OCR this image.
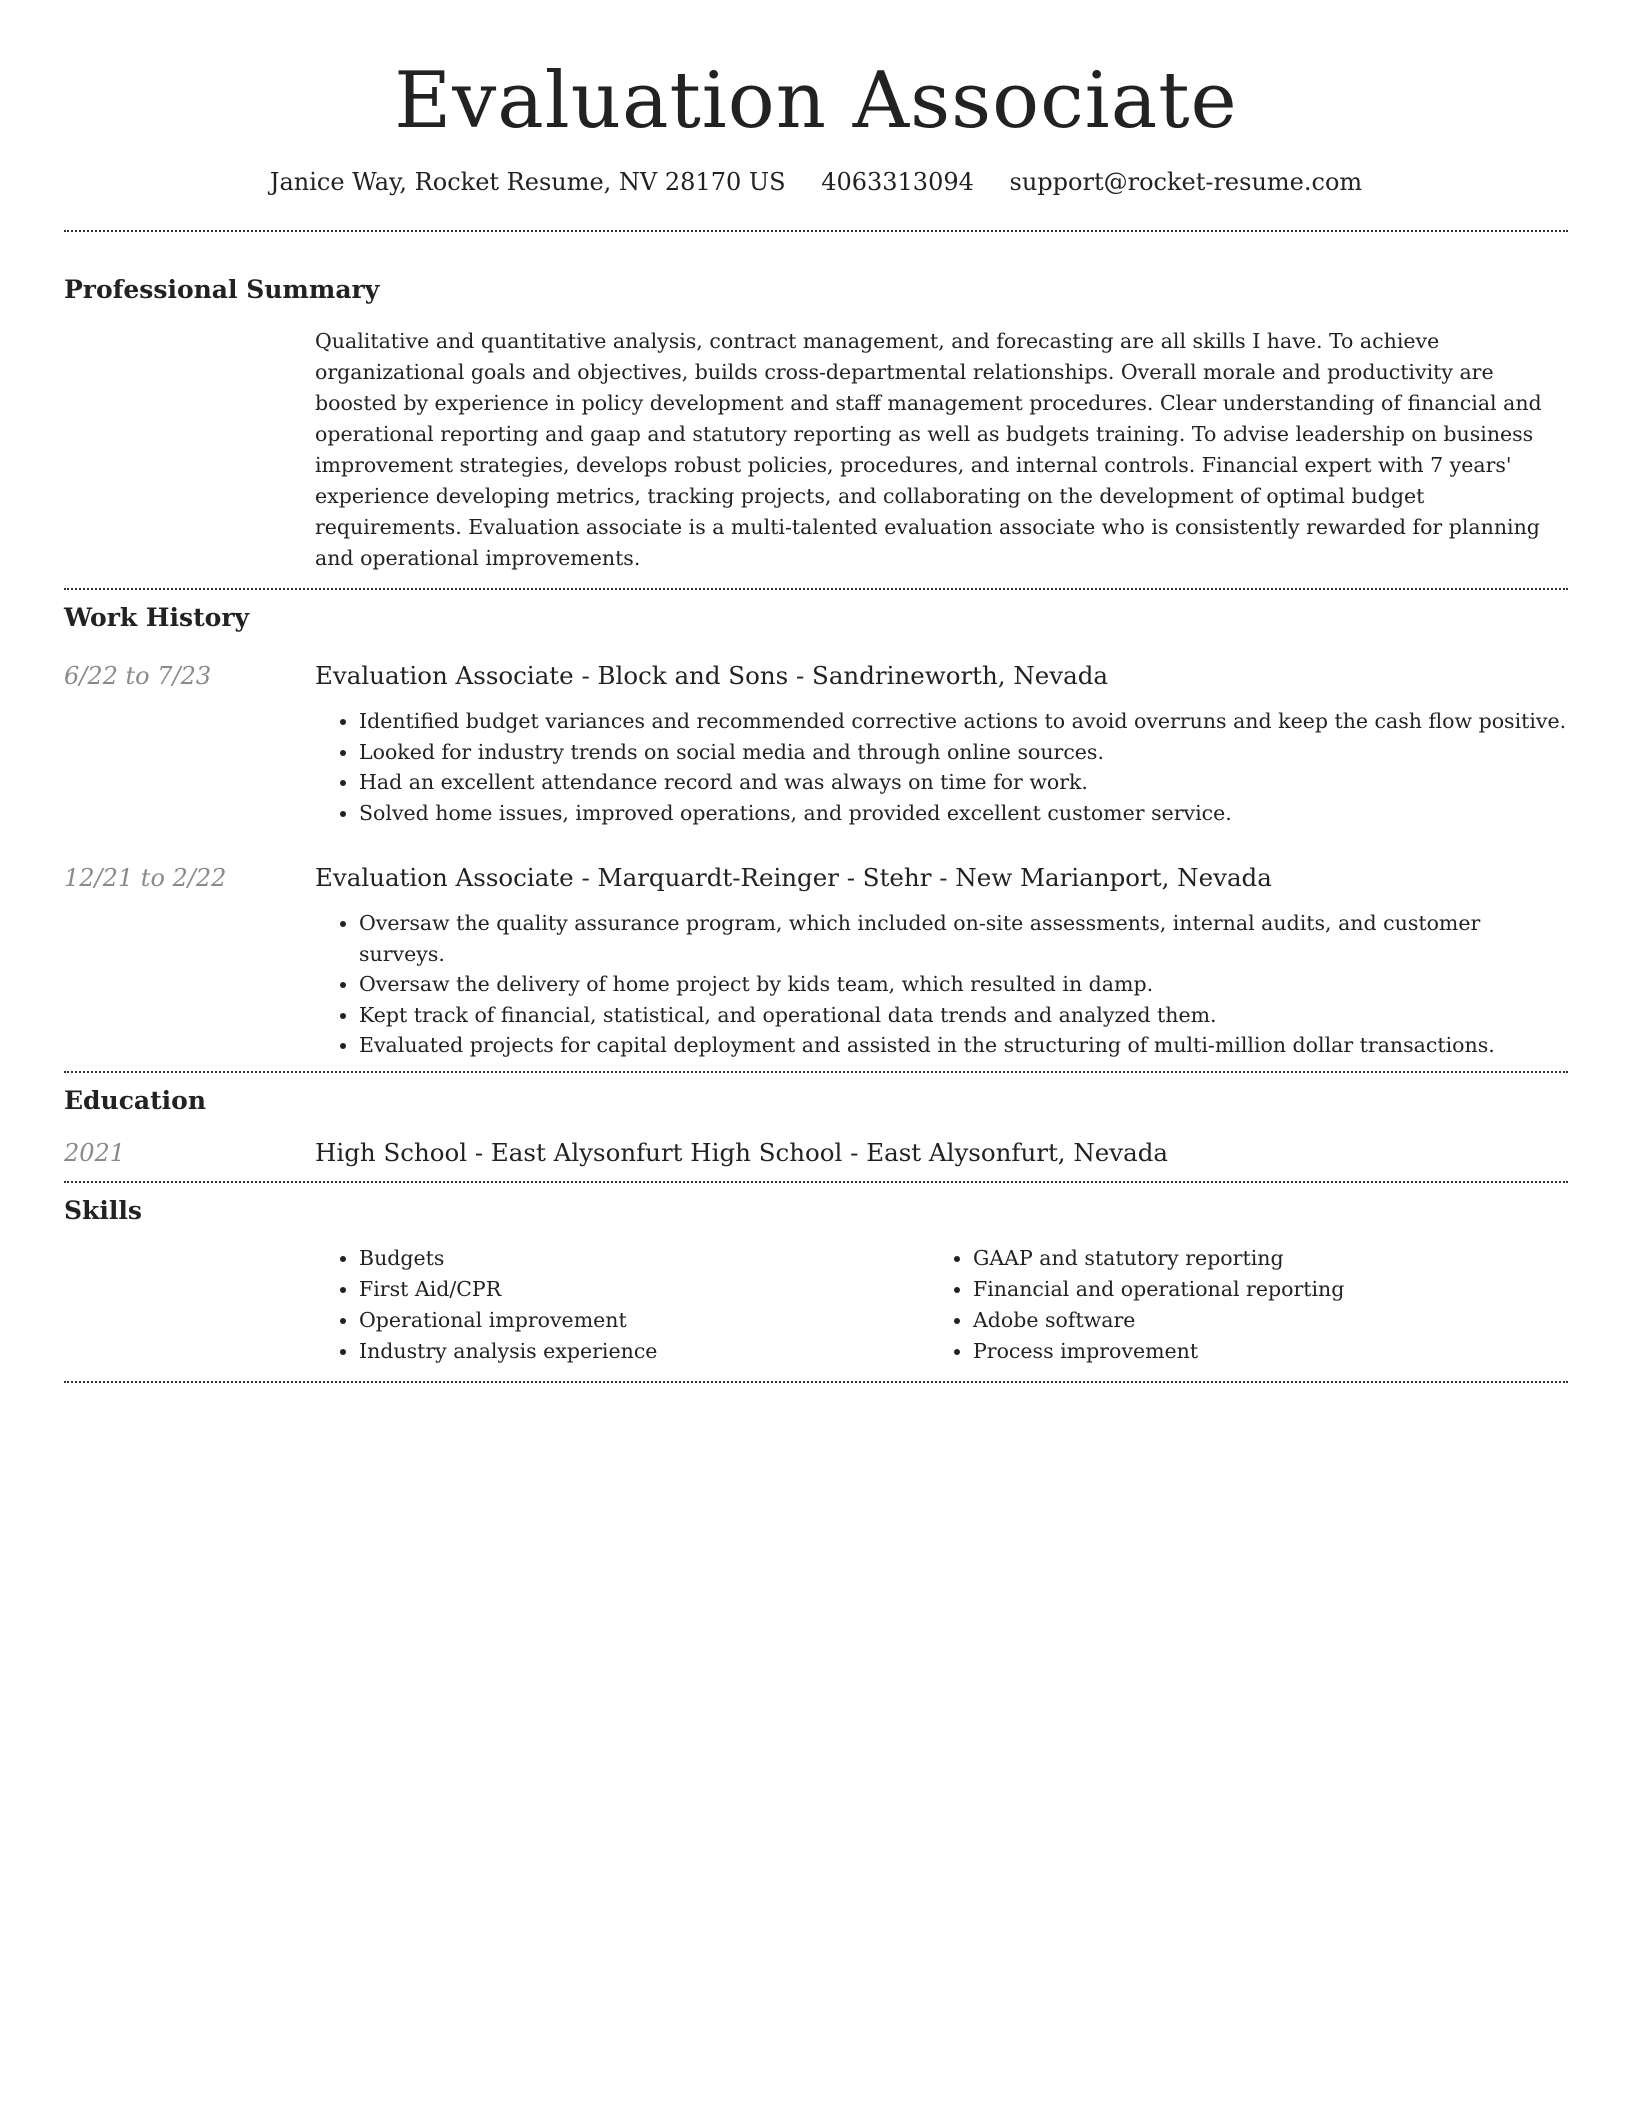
Evaluation Associate
Janice Way, Rocket Resume, NV 28170 US 4063313094 support@rocket-resume.com
Professional Summary

Qualitative and quantitative analysis, contract management, and forecasting are all skills I have. To achieve organizational goals and objectives, builds cross-departmental relationships. Overall morale and productivity are boosted by experience in policy development and staff management procedures. Clear understanding of financial and operational reporting and gaap and statutory reporting as well as budgets training. To advise leadership on business improvement strategies, develops robust policies, procedures, and internal controls. Financial expert with 7 years' experience developing metrics, tracking projects, and collaborating on the development of optimal budget requirements. Evaluation associate is a multi-talented evaluation associate who is consistently rewarded for planning and operational improvements.

Work History
6/22 to 7/23	Evaluation Associate - Block and Sons - Sandrineworth, Nevada
• Identified budget variances and recommended corrective actions to avoid overruns and keep the cash flow positive.
• Looked for industry trends on social media and through online sources.
• Had an excellent attendance record and was always on time for work.
• Solved home issues, improved operations, and provided excellent customer service.
12/21 to 2/22	Evaluation Associate - Marquardt-Reinger - Stehr - New Marianport, Nevada
• Oversaw the quality assurance program, which included on-site assessments, internal audits, and customer surveys.
• Oversaw the delivery of home project by kids team, which resulted in damp.
• Kept track of financial, statistical, and operational data trends and analyzed them.
• Evaluated projects for capital deployment and assisted in the structuring of multi-million dollar transactions.
Education
2021	High School - East Alysonfurt High School - East Alysonfurt, Nevada
Skills
• Budgets
• First Aid/CPR
• Operational improvement
• Industry analysis experience
• GAAP and statutory reporting
• Financial and operational reporting
• Adobe software
• Process improvement
